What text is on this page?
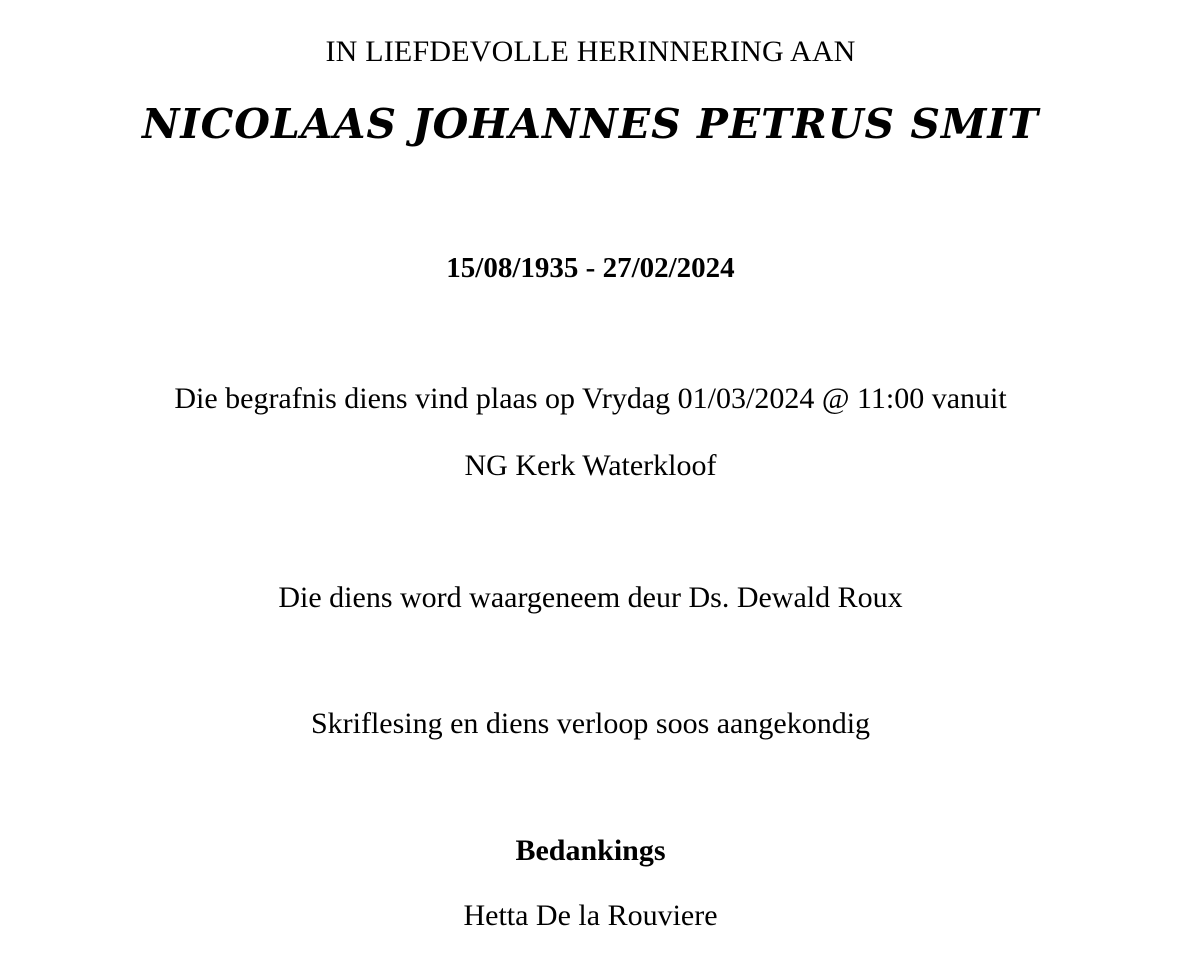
IN LIEFDEVOLLE HERINNERING AAN
NICOLAAS JOHANNES PETRUS SMIT
15/08/1935 - 27/02/2024
Die begrafnis diens vind plaas op Vrydag 01/03/2024 @ 11:00 vanuit
NG Kerk Waterkloof
Die diens word waargeneem deur Ds. Dewald Roux
Skriflesing en diens verloop soos aangekondig
Bedankings
Hetta De la Rouviere
